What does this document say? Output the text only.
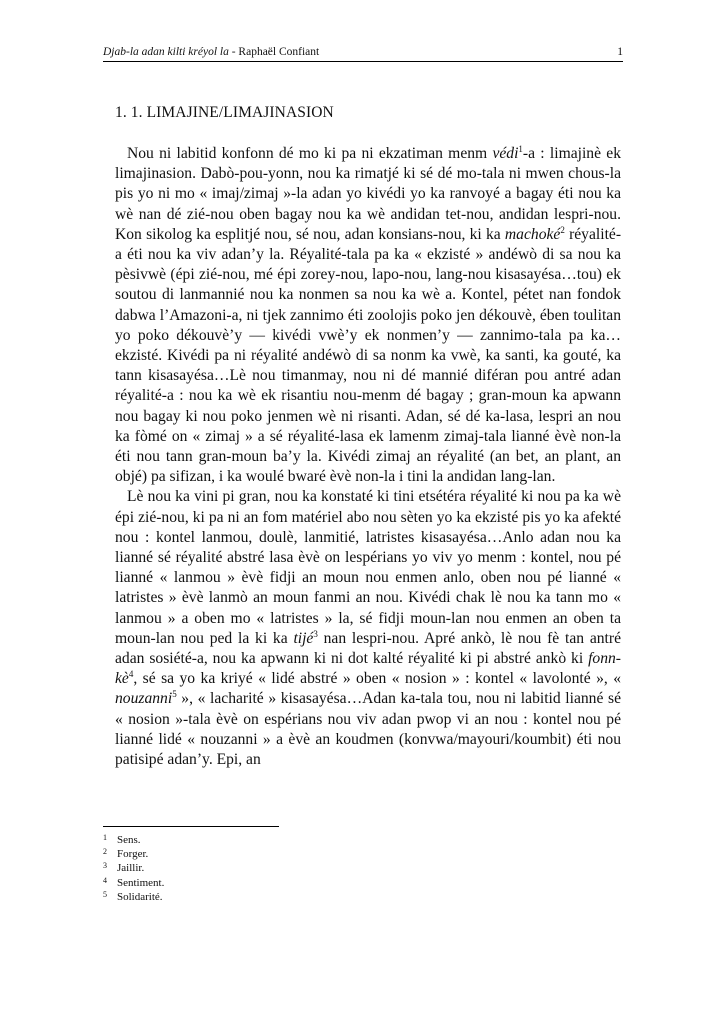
Djab-la adan kilti kréyol la - Raphaël Confiant	1
1. 1. LIMAJINE/LIMAJINASION

Nou ni labitid konfonn dé mo ki pa ni ekzatiman menm védi$^1$-a : limajinè ek limajinasion. Dabò-pou-yonn, nou ka rimatjé ki sé dé mo-tala ni mwen chous-la pis yo ni mo « imaj/zimaj »-la adan yo kivédi yo ka ranvoyé a bagay éti nou ka wè nan dé zié-nou oben bagay nou ka wè andidan tet-nou, andidan lespri-nou. Kon sikolog ka esplitjé nou, sé nou, adan konsians-nou, ki ka machoké$^2$ réyalité-a éti nou ka viv adan’y la. Réyalité-tala pa ka « ekzisté » andéwò di sa nou ka pèsivwè (épi zié-nou, mé épi zorey-nou, lapo-nou, lang-nou kisasayésa…tou) ek soutou di lanmannié nou ka nonmen sa nou ka wè a. Kontel, pétet nan fondok dabwa l’Amazoni-a, ni tjek zannimo éti zoolojis poko jen dékouvè, ében toulitan yo poko dékouvè’y — kivédi vwè’y ek nonmen’y — zannimo-tala pa ka…ekzisté. Kivédi pa ni réyalité andéwò di sa nonm ka vwè, ka santi, ka gouté, ka tann kisasayésa…Lè nou timanmay, nou ni dé mannié diféran pou antré adan réyalité-a : nou ka wè ek risantiu nou-menm dé bagay ; gran-moun ka apwann nou bagay ki nou poko jenmen wè ni risanti. Adan, sé dé ka-lasa, lespri an nou ka fòmé on « zimaj » a sé réyalité-lasa ek lamenm zimaj-tala lianné èvè non-la éti nou tann gran-moun ba’y la. Kivédi zimaj an réyalité (an bet, an plant, an objé) pa sifizan, i ka woulé bwaré èvè non-la i tini la andidan lang-lan.

Lè nou ka vini pi gran, nou ka konstaté ki tini etsétéra réyalité ki nou pa ka wè épi zié-nou, ki pa ni an fom matériel abo nou sèten yo ka ekzisté pis yo ka afekté nou : kontel lanmou, doulè, lanmitié, latristes kisasayésa…Anlo adan nou ka lianné sé réyalité abstré lasa èvè on lespérians yo viv yo menm : kontel, nou pé lianné « lanmou » èvè fidji an moun nou enmen anlo, oben nou pé lianné « latristes » èvè lanmò an moun fanmi an nou. Kivédi chak lè nou ka tann mo « lanmou » a oben mo « latristes » la, sé fidji moun-lan nou enmen an oben ta moun-lan nou ped la ki ka tijé$^3$ nan lespri-nou. Apré ankò, lè nou fè tan antré adan sosiété-a, nou ka apwann ki ni dot kalté réyalité ki pi abstré ankò ki fonn-kè$^4$, sé sa yo ka kriyé « lidé abstré » oben « nosion » : kontel « lavolonté », « nouzanni$^5$ », « lacharité » kisasayésa…Adan ka-tala tou, nou ni labitid lianné sé « nosion »-tala èvè on espérians nou viv adan pwop vi an nou : kontel nou pé lianné lidé « nouzanni » a èvè an koudmen (konvwa/mayouri/koumbit) éti nou patisipé adan’y. Epi, an

1 Sens.
2 Forger.
3 Jaillir.
4 Sentiment.
5 Solidarité.
